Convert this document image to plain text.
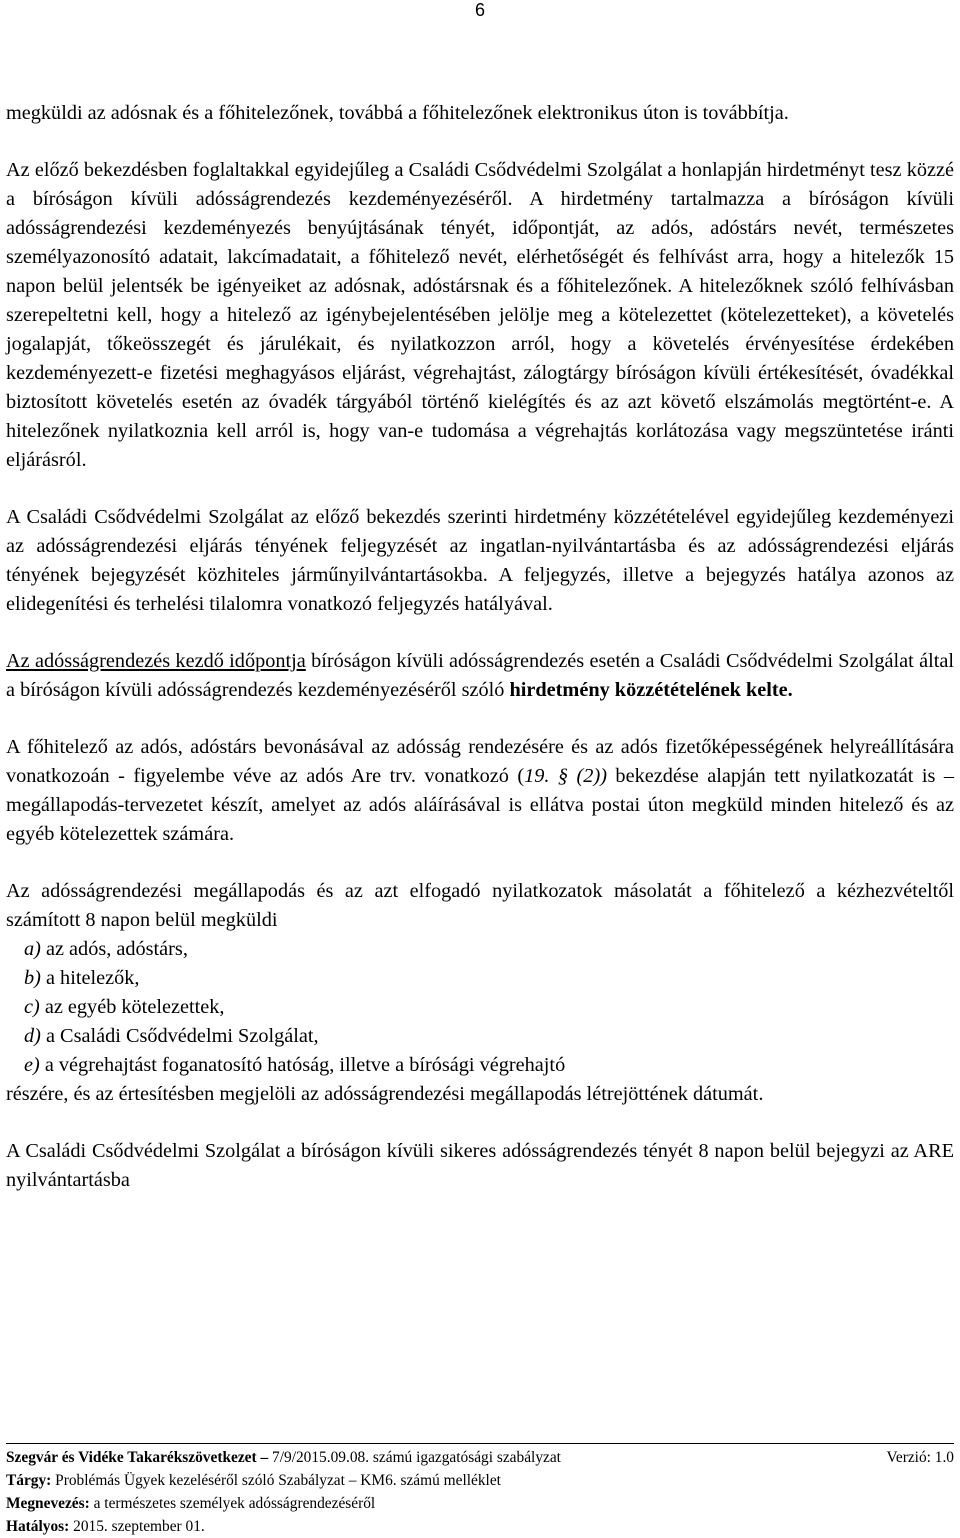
6

megküldi az adósnak és a főhitelezőnek, továbbá a főhitelezőnek elektronikus úton is továbbítja.

Az előző bekezdésben foglaltakkal egyidejűleg a Családi Csődvédelmi Szolgálat a honlapján hirdetményt tesz közzé a bíróságon kívüli adósságrendezés kezdeményezéséről. A hirdetmény tartalmazza a bíróságon kívüli adósságrendezési kezdeményezés benyújtásának tényét, időpontját, az adós, adóstárs nevét, természetes személyazonosító adatait, lakcímadatait, a főhitelező nevét, elérhetőségét és felhívást arra, hogy a hitelezők 15 napon belül jelentsék be igényeiket az adósnak, adóstársnak és a főhitelezőnek. A hitelezőknek szóló felhívásban szerepeltetni kell, hogy a hitelező az igénybejelentésében jelölje meg a kötelezettet (kötelezetteket), a követelés jogalapját, tőkeösszegét és járulékait, és nyilatkozzon arról, hogy a követelés érvényesítése érdekében kezdeményezett-e fizetési meghagyásos eljárást, végrehajtást, zálogtárgy bíróságon kívüli értékesítését, óvadékkal biztosított követelés esetén az óvadék tárgyából történő kielégítés és az azt követő elszámolás megtörtént-e. A hitelezőnek nyilatkoznia kell arról is, hogy van-e tudomása a végrehajtás korlátozása vagy megszüntetése iránti eljárásról.

A Családi Csődvédelmi Szolgálat az előző bekezdés szerinti hirdetmény közzétételével egyidejűleg kezdeményezi az adósságrendezési eljárás tényének feljegyzését az ingatlan-nyilvántartásba és az adósságrendezési eljárás tényének bejegyzését közhiteles járműnyilvántartásokba. A feljegyzés, illetve a bejegyzés hatálya azonos az elidegenítési és terhelési tilalomra vonatkozó feljegyzés hatályával.

Az adósságrendezés kezdő időpontja bíróságon kívüli adósságrendezés esetén a Családi Csődvédelmi Szolgálat által a bíróságon kívüli adósságrendezés kezdeményezéséről szóló hirdetmény közzétételének kelte.

A főhitelező az adós, adóstárs bevonásával az adósság rendezésére és az adós fizetőképességének helyreállítására vonatkozoán - figyelembe véve az adós Are trv. vonatkozó (19. § (2)) bekezdése alapján tett nyilatkozatát is – megállapodás-tervezetet készít, amelyet az adós aláírásával is ellátva postai úton megküld minden hitelező és az egyéb kötelezettek számára.

Az adósságrendezési megállapodás és az azt elfogadó nyilatkozatok másolatát a főhitelező a kézhezvételtől számított 8 napon belül megküldi

a) az adós, adóstárs,
b) a hitelezők,
c) az egyéb kötelezettek,
d) a Családi Csődvédelmi Szolgálat,
e) a végrehajtást foganatosító hatóság, illetve a bírósági végrehajtó

részére, és az értesítésben megjelöli az adósságrendezési megállapodás létrejöttének dátumát.

A Családi Csődvédelmi Szolgálat a bíróságon kívüli sikeres adósságrendezés tényét 8 napon belül bejegyzi az ARE nyilvántartásba

Szegvár és Vidéke Takarékszövetkezet – 7/9/2015.09.08. számú igazgatósági szabályzat	Verzió: 1.0
Tárgy: Problémás Ügyek kezeléséről szóló Szabályzat – KM6. számú melléklet
Megnevezés: a természetes személyek adósságrendezéséről
Hatályos: 2015. szeptember 01.
